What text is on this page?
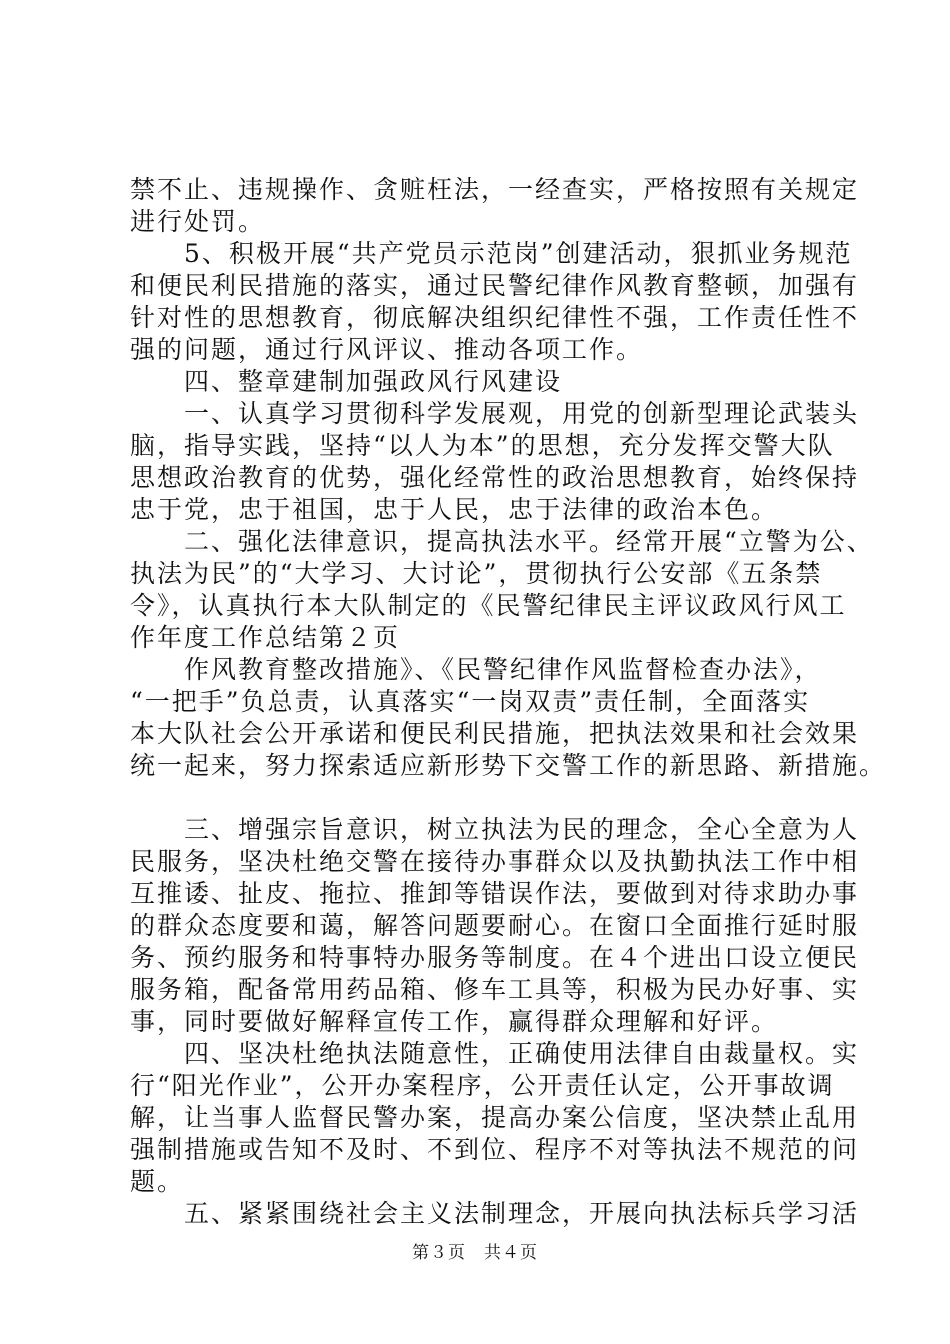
禁不止、违规操作、贪赃枉法，一经查实，严格按照有关规定
进行处罚。
　　5、积极开展“共产党员示范岗”创建活动，狠抓业务规范
和便民利民措施的落实，通过民警纪律作风教育整顿，加强有
针对性的思想教育，彻底解决组织纪律性不强，工作责任性不
强的问题，通过行风评议、推动各项工作。
　　四、整章建制加强政风行风建设
　　一、认真学习贯彻科学发展观，用党的创新型理论武装头
脑，指导实践，坚持“以人为本”的思想，充分发挥交警大队
思想政治教育的优势，强化经常性的政治思想教育，始终保持
忠于党，忠于祖国，忠于人民，忠于法律的政治本色。
　　二、强化法律意识，提高执法水平。经常开展“立警为公、
执法为民”的“大学习、大讨论”，贯彻执行公安部《五条禁
令》，认真执行本大队制定的《民警纪律民主评议政风行风工
作年度工作总结第２页
　　作风教育整改措施》、《民警纪律作风监督检查办法》，
“一把手”负总责，认真落实“一岗双责”责任制，全面落实
本大队社会公开承诺和便民利民措施，把执法效果和社会效果
统一起来，努力探索适应新形势下交警工作的新思路、新措施。
　　三、增强宗旨意识，树立执法为民的理念，全心全意为人
民服务，坚决杜绝交警在接待办事群众以及执勤执法工作中相
互推诿、扯皮、拖拉、推卸等错误作法，要做到对待求助办事
的群众态度要和蔼，解答问题要耐心。在窗口全面推行延时服
务、预约服务和特事特办服务等制度。在４个进出口设立便民
服务箱，配备常用药品箱、修车工具等，积极为民办好事、实
事，同时要做好解释宣传工作，赢得群众理解和好评。
　　四、坚决杜绝执法随意性，正确使用法律自由裁量权。实
行“阳光作业”，公开办案程序，公开责任认定，公开事故调
解，让当事人监督民警办案，提高办案公信度，坚决禁止乱用
强制措施或告知不及时、不到位、程序不对等执法不规范的问
题。
　　五、紧紧围绕社会主义法制理念，开展向执法标兵学习活
第３页　共４页
